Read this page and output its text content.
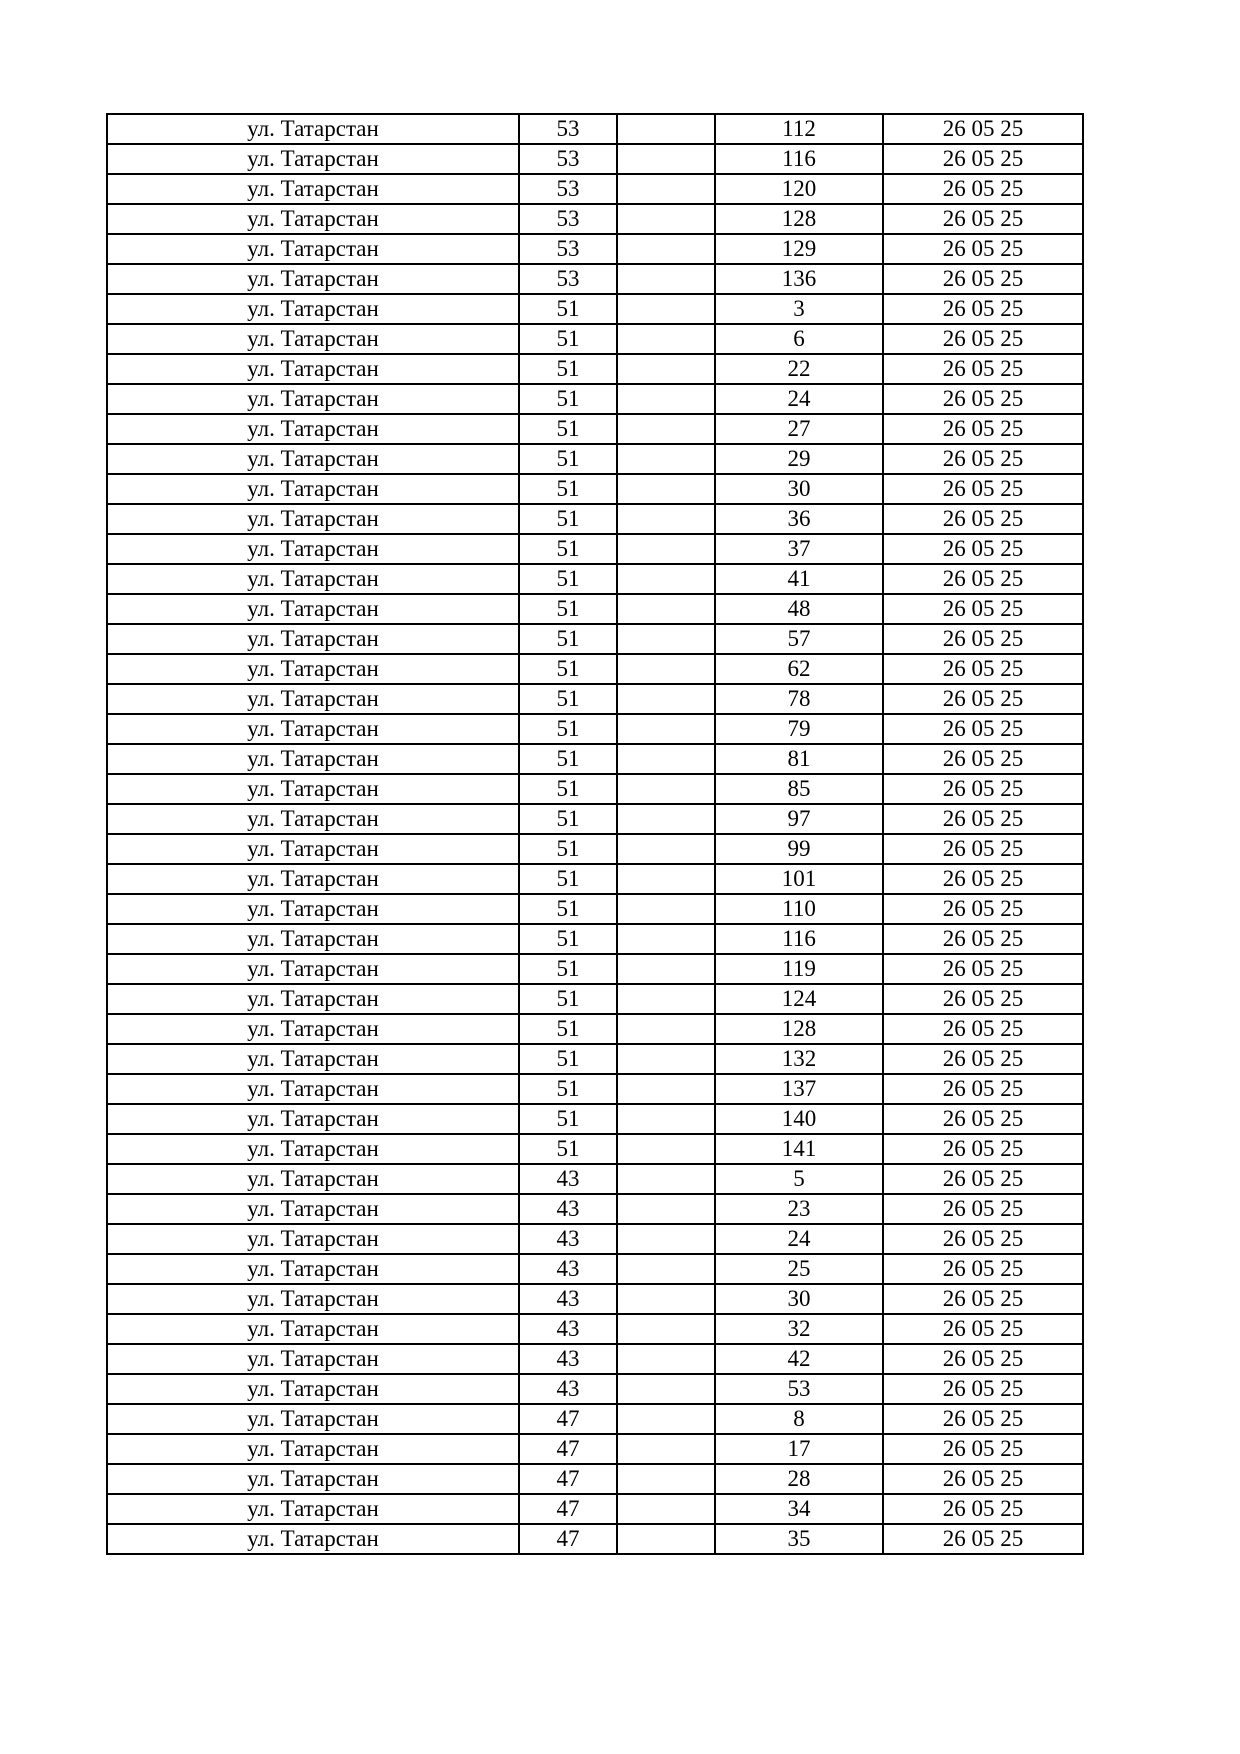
ул. Татарстан	53		112	26 05 25
ул. Татарстан	53		116	26 05 25
ул. Татарстан	53		120	26 05 25
ул. Татарстан	53		128	26 05 25
ул. Татарстан	53		129	26 05 25
ул. Татарстан	53		136	26 05 25
ул. Татарстан	51		3	26 05 25
ул. Татарстан	51		6	26 05 25
ул. Татарстан	51		22	26 05 25
ул. Татарстан	51		24	26 05 25
ул. Татарстан	51		27	26 05 25
ул. Татарстан	51		29	26 05 25
ул. Татарстан	51		30	26 05 25
ул. Татарстан	51		36	26 05 25
ул. Татарстан	51		37	26 05 25
ул. Татарстан	51		41	26 05 25
ул. Татарстан	51		48	26 05 25
ул. Татарстан	51		57	26 05 25
ул. Татарстан	51		62	26 05 25
ул. Татарстан	51		78	26 05 25
ул. Татарстан	51		79	26 05 25
ул. Татарстан	51		81	26 05 25
ул. Татарстан	51		85	26 05 25
ул. Татарстан	51		97	26 05 25
ул. Татарстан	51		99	26 05 25
ул. Татарстан	51		101	26 05 25
ул. Татарстан	51		110	26 05 25
ул. Татарстан	51		116	26 05 25
ул. Татарстан	51		119	26 05 25
ул. Татарстан	51		124	26 05 25
ул. Татарстан	51		128	26 05 25
ул. Татарстан	51		132	26 05 25
ул. Татарстан	51		137	26 05 25
ул. Татарстан	51		140	26 05 25
ул. Татарстан	51		141	26 05 25
ул. Татарстан	43		5	26 05 25
ул. Татарстан	43		23	26 05 25
ул. Татарстан	43		24	26 05 25
ул. Татарстан	43		25	26 05 25
ул. Татарстан	43		30	26 05 25
ул. Татарстан	43		32	26 05 25
ул. Татарстан	43		42	26 05 25
ул. Татарстан	43		53	26 05 25
ул. Татарстан	47		8	26 05 25
ул. Татарстан	47		17	26 05 25
ул. Татарстан	47		28	26 05 25
ул. Татарстан	47		34	26 05 25
ул. Татарстан	47		35	26 05 25
